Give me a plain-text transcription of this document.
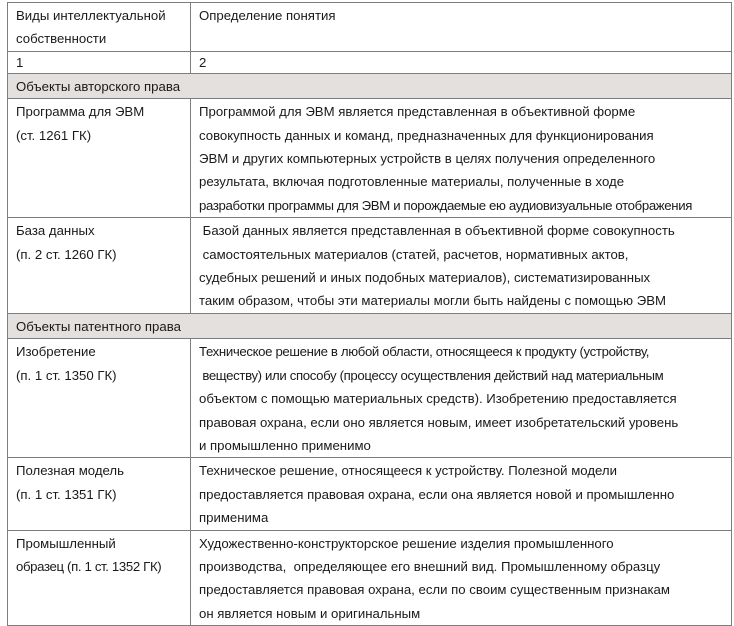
Виды интеллектуальной
собственности	Определение понятия

1	2
Объекты авторского права	

Программа для ЭВМ
(ст. 1261 ГК)	Программой для ЭВМ является представленная в объективной форме
совокупность данных и команд, предназначенных для функционирования
ЭВМ и других компьютерных устройств в целях получения определенного
результата, включая подготовленные материалы, полученные в ходе
разработки программы для ЭВМ и порождаемые ею аудиовизуальные отображения

База данных
(п. 2 ст. 1260 ГК)	Базой данных является представленная в объективной форме совокупность
самостоятельных материалов (статей, расчетов, нормативных актов,
судебных решений и иных подобных материалов), систематизированных
таким образом, чтобы эти материалы могли быть найдены с помощью ЭВМ

Объекты патентного права	

Изобретение
(п. 1 ст. 1350 ГК)	Техническое решение в любой области, относящееся к продукту (устройству,
веществу) или способу (процессу осуществления действий над материальным
объектом с помощью материальных средств). Изобретению предоставляется
правовая охрана, если оно является новым, имеет изобретательский уровень
и промышленно применимо

Полезная модель
(п. 1 ст. 1351 ГК)	Техническое решение, относящееся к устройству. Полезной модели
предоставляется правовая охрана, если она является новой и промышленно
применима

Промышленный
образец (п. 1 ст. 1352 ГК)	Художественно-конструкторское решение изделия промышленного
производства,  определяющее его внешний вид. Промышленному образцу
предоставляется правовая охрана, если по своим существенным признакам
он является новым и оригинальным
